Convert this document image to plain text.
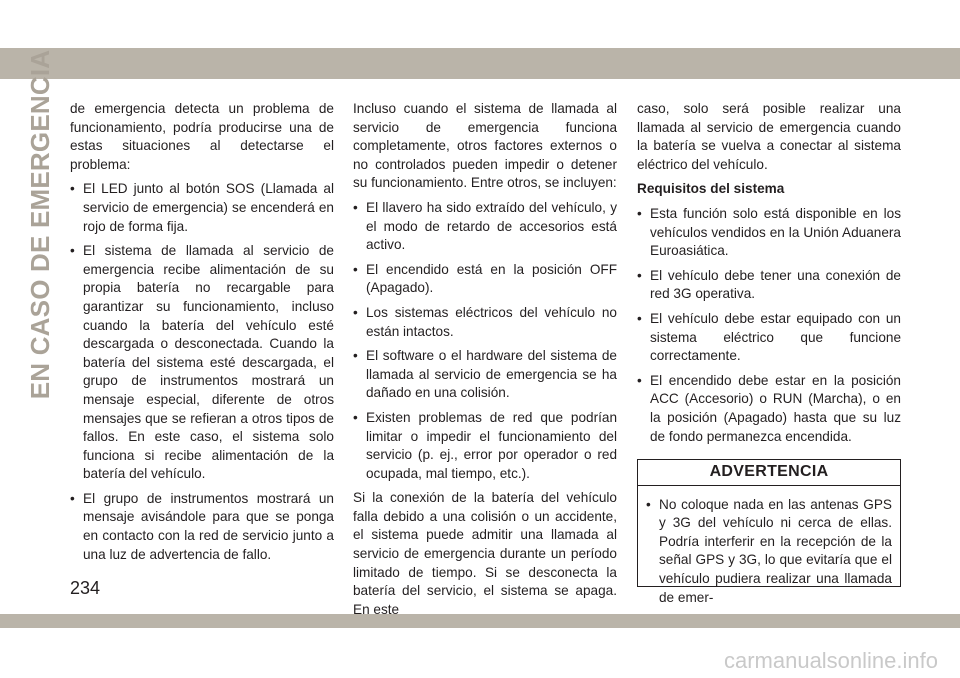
EN CASO DE EMERGENCIA de emergencia detecta un problema de funcionamiento, podría producirse una de estas situaciones al detectarse el problema:

• El LED junto al botón SOS (Llamada al servicio de emergencia) se encenderá en rojo de forma fija.
• El sistema de llamada al servicio de emergencia recibe alimentación de su propia batería no recargable para garantizar su funcionamiento, incluso cuando la batería del vehículo esté descargada o desconectada. Cuando la batería del sistema esté descargada, el grupo de instrumentos mostrará un mensaje especial, diferente de otros mensajes que se refieran a otros tipos de fallos. En este caso, el sistema solo funciona si recibe alimentación de la batería del vehículo.
• El grupo de instrumentos mostrará un mensaje avisándole para que se ponga en contacto con la red de servicio junto a una luz de advertencia de fallo.

Incluso cuando el sistema de llamada al servicio de emergencia funciona completamente, otros factores externos o no controlados pueden impedir o detener su funcionamiento. Entre otros, se incluyen:

• El llavero ha sido extraído del vehículo, y el modo de retardo de accesorios está activo.
• El encendido está en la posición OFF (Apagado).
• Los sistemas eléctricos del vehículo no están intactos.
• El software o el hardware del sistema de llamada al servicio de emergencia se ha dañado en una colisión.
• Existen problemas de red que podrían limitar o impedir el funcionamiento del servicio (p. ej., error por operador o red ocupada, mal tiempo, etc.).

Si la conexión de la batería del vehículo falla debido a una colisión o un accidente, el sistema puede admitir una llamada al servicio de emergencia durante un período limitado de tiempo. Si se desconecta la batería del servicio, el sistema se apaga. En este

caso, solo será posible realizar una llamada al servicio de emergencia cuando la batería se vuelva a conectar al sistema eléctrico del vehículo.

Requisitos del sistema

• Esta función solo está disponible en los vehículos vendidos en la Unión Aduanera Euroasiática.
• El vehículo debe tener una conexión de red 3G operativa.
• El vehículo debe estar equipado con un sistema eléctrico que funcione correctamente.
• El encendido debe estar en la posición ACC (Accesorio) o RUN (Marcha), o en la posición (Apagado) hasta que su luz de fondo permanezca encendida.
ADVERTENCIA
• No coloque nada en las antenas GPS y 3G del vehículo ni cerca de ellas. Podría interferir en la recepción de la señal GPS y 3G, lo que evitaría que el vehículo pudiera realizar una llamada de emer-
234
carmanualsonline.info
